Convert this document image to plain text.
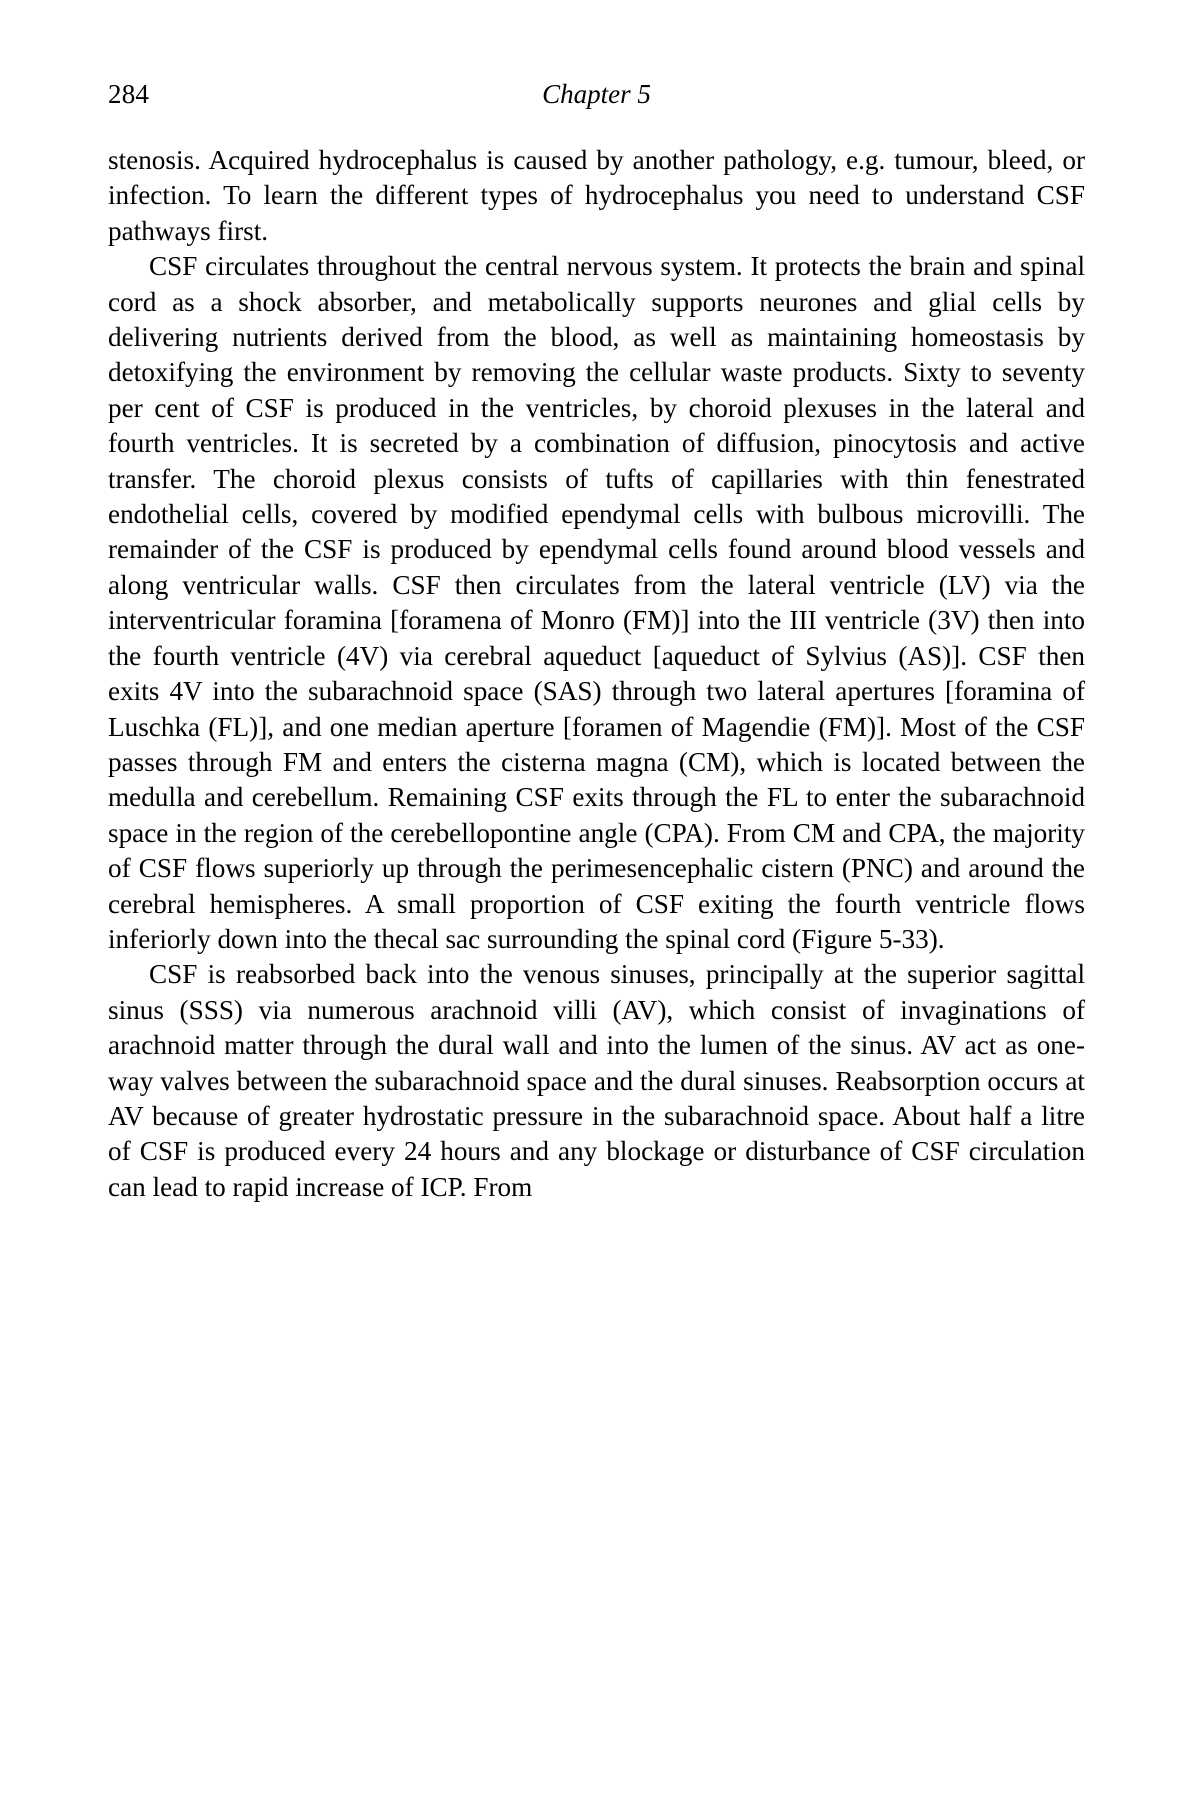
284	Chapter 5

stenosis. Acquired hydrocephalus is caused by another pathology, e.g. tumour, bleed, or infection. To learn the different types of hydrocephalus you need to understand CSF pathways first.

CSF circulates throughout the central nervous system. It protects the brain and spinal cord as a shock absorber, and metabolically supports neurones and glial cells by delivering nutrients derived from the blood, as well as maintaining homeostasis by detoxifying the environment by removing the cellular waste products. Sixty to seventy per cent of CSF is produced in the ventricles, by choroid plexuses in the lateral and fourth ventricles. It is secreted by a combination of diffusion, pinocytosis and active transfer. The choroid plexus consists of tufts of capillaries with thin fenestrated endothelial cells, covered by modified ependymal cells with bulbous microvilli. The remainder of the CSF is produced by ependymal cells found around blood vessels and along ventricular walls. CSF then circulates from the lateral ventricle (LV) via the interventricular foramina [foramena of Monro (FM)] into the III ventricle (3V) then into the fourth ventricle (4V) via cerebral aqueduct [aqueduct of Sylvius (AS)]. CSF then exits 4V into the subarachnoid space (SAS) through two lateral apertures [foramina of Luschka (FL)], and one median aperture [foramen of Magendie (FM)]. Most of the CSF passes through FM and enters the cisterna magna (CM), which is located between the medulla and cerebellum. Remaining CSF exits through the FL to enter the subarachnoid space in the region of the cerebellopontine angle (CPA). From CM and CPA, the majority of CSF flows superiorly up through the perimesencephalic cistern (PNC) and around the cerebral hemispheres. A small proportion of CSF exiting the fourth ventricle flows inferiorly down into the thecal sac surrounding the spinal cord (Figure 5-33).

CSF is reabsorbed back into the venous sinuses, principally at the superior sagittal sinus (SSS) via numerous arachnoid villi (AV), which consist of invaginations of arachnoid matter through the dural wall and into the lumen of the sinus. AV act as one-way valves between the subarachnoid space and the dural sinuses. Reabsorption occurs at AV because of greater hydrostatic pressure in the subarachnoid space. About half a litre of CSF is produced every 24 hours and any blockage or disturbance of CSF circulation can lead to rapid increase of ICP. From
